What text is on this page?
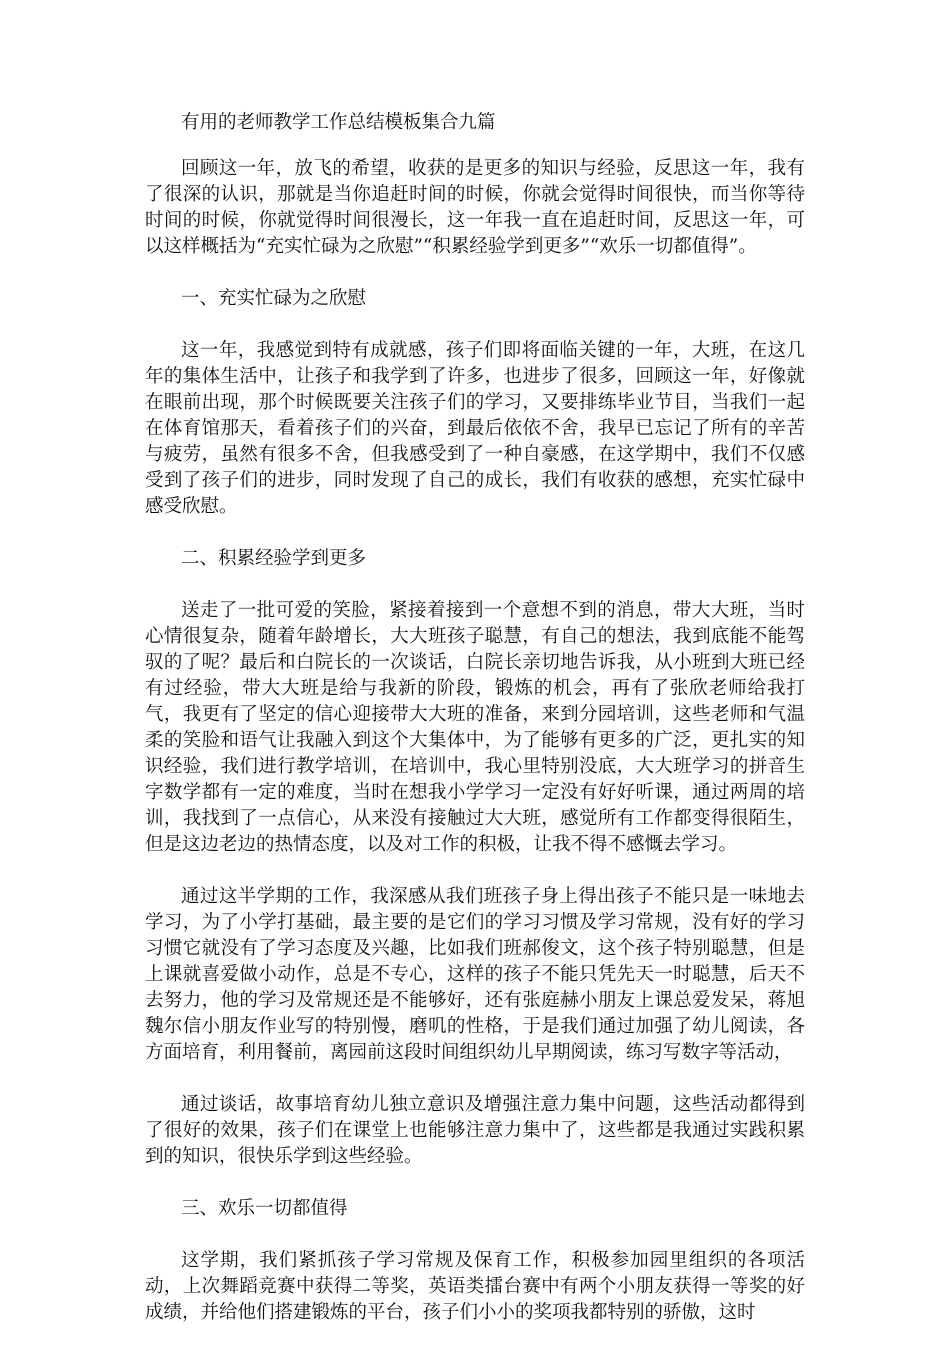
有用的老师教学工作总结模板集合九篇

回顾这一年，放飞的希望，收获的是更多的知识与经验，反思这一年，我有了很深的认识，那就是当你追赶时间的时候，你就会觉得时间很快，而当你等待时间的时候，你就觉得时间很漫长，这一年我一直在追赶时间，反思这一年，可以这样概括为“充实忙碌为之欣慰”“积累经验学到更多”“欢乐一切都值得”。

一、充实忙碌为之欣慰

这一年，我感觉到特有成就感，孩子们即将面临关键的一年，大班，在这几年的集体生活中，让孩子和我学到了许多，也进步了很多，回顾这一年，好像就在眼前出现，那个时候既要关注孩子们的学习，又要排练毕业节目，当我们一起在体育馆那天，看着孩子们的兴奋，到最后依依不舍，我早已忘记了所有的辛苦与疲劳，虽然有很多不舍，但我感受到了一种自豪感，在这学期中，我们不仅感受到了孩子们的进步，同时发现了自己的成长，我们有收获的感想，充实忙碌中感受欣慰。

二、积累经验学到更多

送走了一批可爱的笑脸，紧接着接到一个意想不到的消息，带大大班，当时心情很复杂，随着年龄增长，大大班孩子聪慧，有自己的想法，我到底能不能驾驭的了呢？最后和白院长的一次谈话，白院长亲切地告诉我，从小班到大班已经有过经验，带大大班是给与我新的阶段，锻炼的机会，再有了张欣老师给我打气，我更有了坚定的信心迎接带大大班的准备，来到分园培训，这些老师和气温柔的笑脸和语气让我融入到这个大集体中，为了能够有更多的广泛，更扎实的知识经验，我们进行教学培训，在培训中，我心里特别没底，大大班学习的拼音生字数学都有一定的难度，当时在想我小学学习一定没有好好听课，通过两周的培训，我找到了一点信心，从来没有接触过大大班，感觉所有工作都变得很陌生，但是这边老边的热情态度，以及对工作的积极，让我不得不感慨去学习。

通过这半学期的工作，我深感从我们班孩子身上得出孩子不能只是一味地去学习，为了小学打基础，最主要的是它们的学习习惯及学习常规，没有好的学习习惯它就没有了学习态度及兴趣，比如我们班郝俊文，这个孩子特别聪慧，但是上课就喜爱做小动作，总是不专心，这样的孩子不能只凭先天一时聪慧，后天不去努力，他的学习及常规还是不能够好，还有张庭赫小朋友上课总爱发呆，蒋旭魏尔信小朋友作业写的特别慢，磨叽的性格，于是我们通过加强了幼儿阅读，各方面培育，利用餐前，离园前这段时间组织幼儿早期阅读，练习写数字等活动，

通过谈话，故事培育幼儿独立意识及增强注意力集中问题，这些活动都得到了很好的效果，孩子们在课堂上也能够注意力集中了，这些都是我通过实践积累到的知识，很快乐学到这些经验。

三、欢乐一切都值得

这学期，我们紧抓孩子学习常规及保育工作，积极参加园里组织的各项活动，上次舞蹈竞赛中获得二等奖，英语类擂台赛中有两个小朋友获得一等奖的好成绩，并给他们搭建锻炼的平台，孩子们小小的奖项我都特别的骄傲，这时
